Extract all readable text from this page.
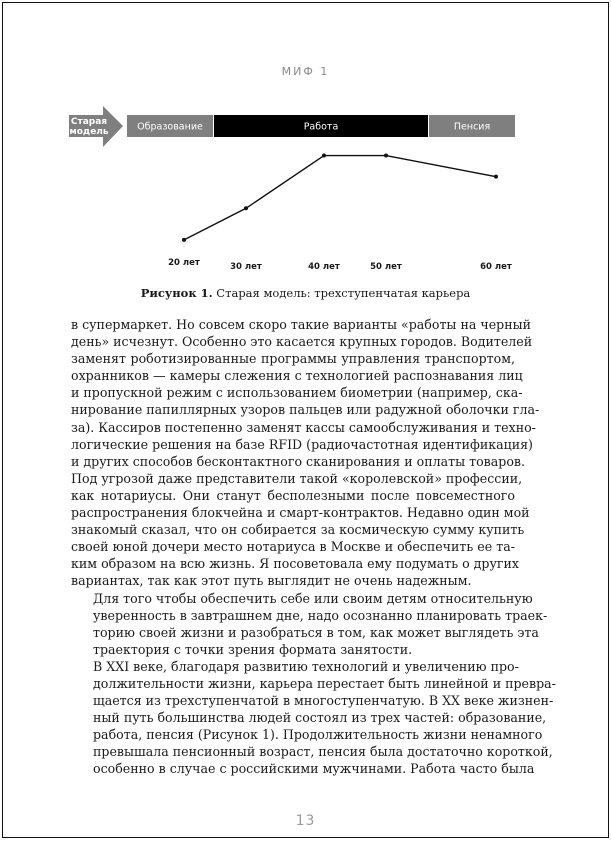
МИФ 1
Старая
модель	Образование	Работа	Пенсия
20 лет	30 лет	40 лет	50 лет	60 лет
Рисунок 1. Старая модель: трехступенчатая карьера

в супермаркет. Но совсем скоро такие варианты «работы на черный
день» исчезнут. Особенно это касается крупных городов. Водителей
заменят роботизированные программы управления транспортом,
охранников — камеры слежения с технологией распознавания лиц
и пропускной режим с использованием биометрии (например, ска-
нирование папиллярных узоров пальцев или радужной оболочки гла-
за). Кассиров постепенно заменят кассы самообслуживания и техно-
логические решения на базе RFID (радиочастотная идентификация)
и других способов бесконтактного сканирования и оплаты товаров.
Под угрозой даже представители такой «королевской» профессии,
как нотариусы. Они станут бесполезными после повсеместного
распространения блокчейна и смарт-контрактов. Недавно один мой
знакомый сказал, что он собирается за космическую сумму купить
своей юной дочери место нотариуса в Москве и обеспечить ее та-
ким образом на всю жизнь. Я посоветовала ему подумать о других
вариантах, так как этот путь выглядит не очень надежным.

Для того чтобы обеспечить себе или своим детям относительную
уверенность в завтрашнем дне, надо осознанно планировать траек-
торию своей жизни и разобраться в том, как может выглядеть эта
траектория с точки зрения формата занятости.

В XXI веке, благодаря развитию технологий и увеличению про-
должительности жизни, карьера перестает быть линейной и превра-
щается из трехступенчатой в многоступенчатую. В XX веке жизнен-
ный путь большинства людей состоял из трех частей: образование,
работа, пенсия (Рисунок 1). Продолжительность жизни ненамного
превышала пенсионный возраст, пенсия была достаточно короткой,
особенно в случае с российскими мужчинами. Работа часто была

13
